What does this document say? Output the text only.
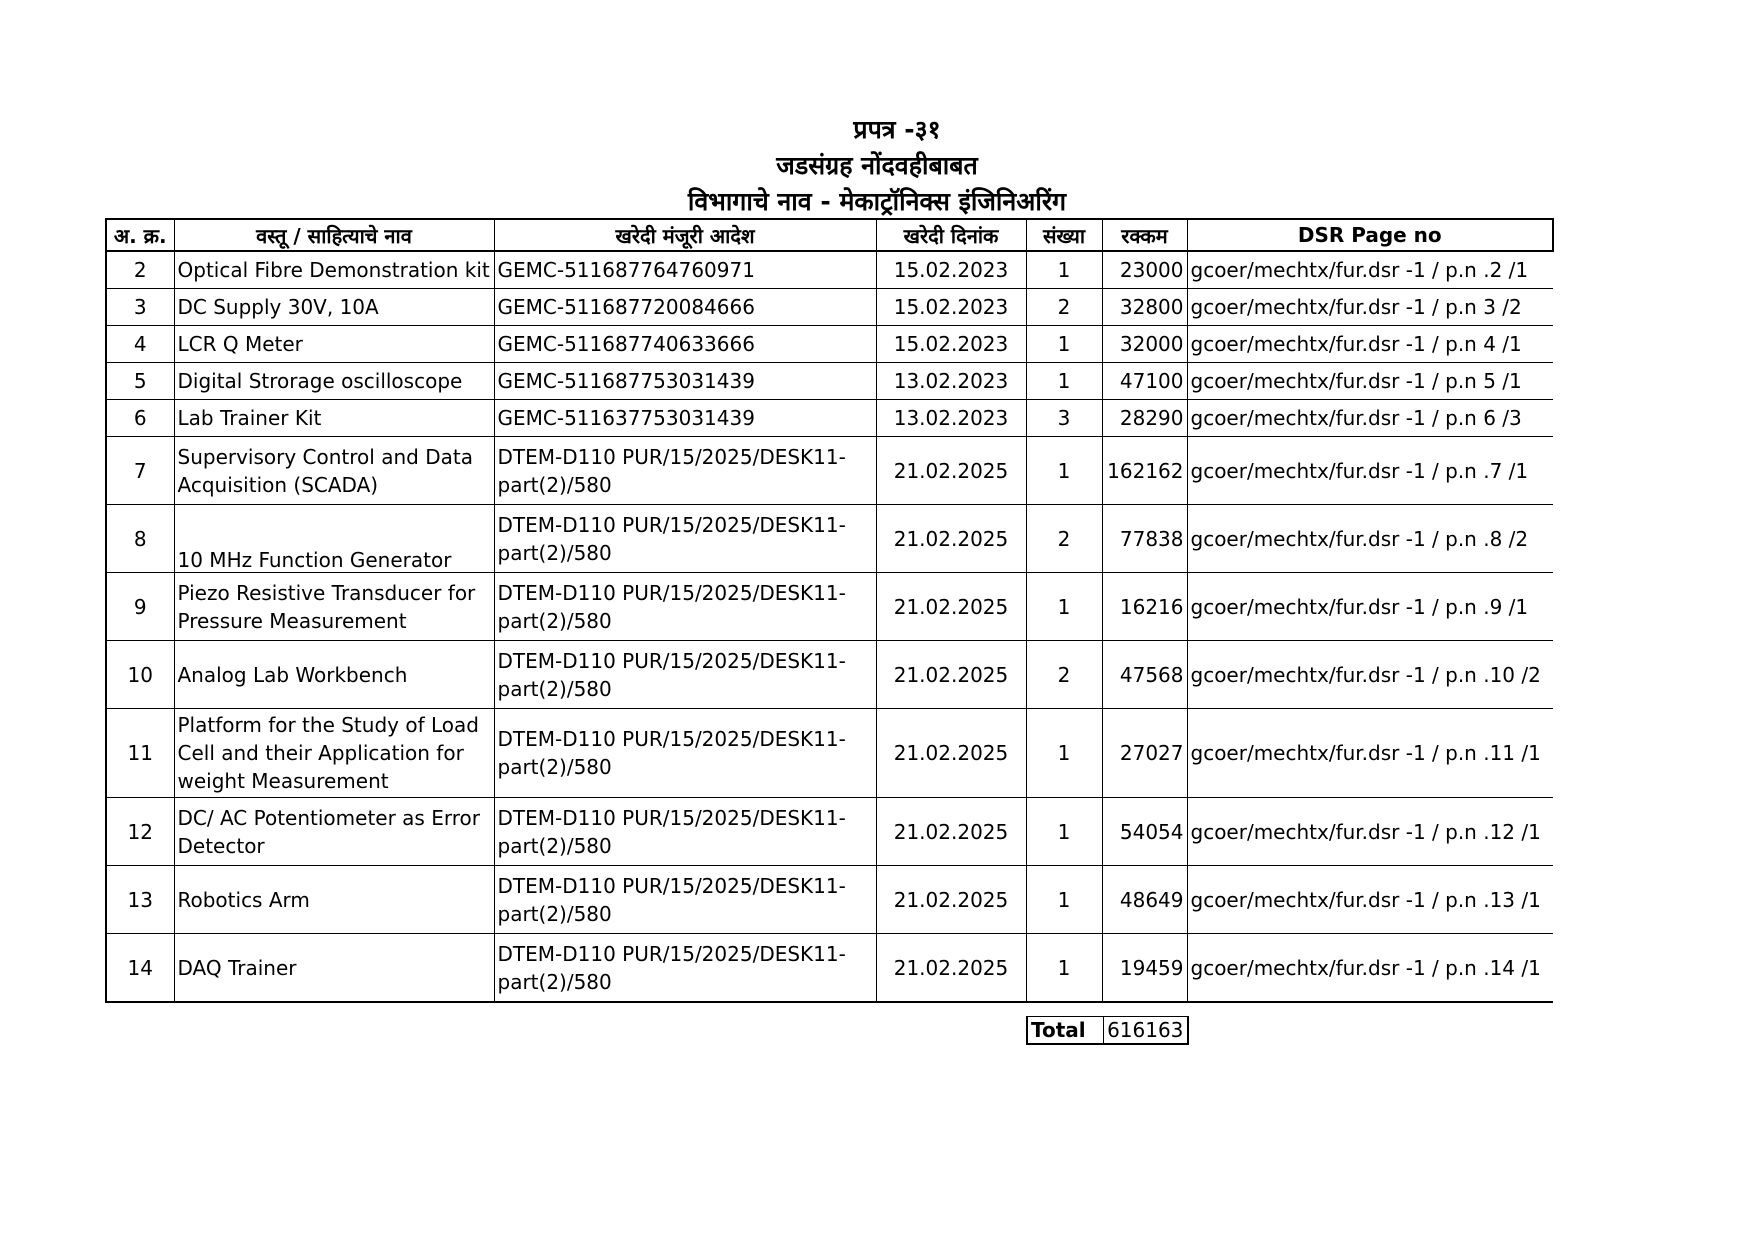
प्रपत्र -३१
जडसंग्रह नोंदवहीबाबत
विभागाचे नाव - मेकाट्रॉनिक्स इंजिनिअरिंग
अ. क्र.	वस्तू / साहित्याचे नाव	खरेदी मंजूरी आदेश	खरेदी दिनांक	संख्या	रक्कम	DSR Page no
2	Optical Fibre Demonstration kit	GEMC-511687764760971	15.02.2023	1	23000	gcoer/mechtx/fur.dsr -1 / p.n .2 /1
3	DC Supply 30V, 10A	GEMC-511687720084666	15.02.2023	2	32800	gcoer/mechtx/fur.dsr -1 / p.n 3 /2
4	LCR Q Meter	GEMC-511687740633666	15.02.2023	1	32000	gcoer/mechtx/fur.dsr -1 / p.n 4 /1
5	Digital Strorage oscilloscope	GEMC-511687753031439	13.02.2023	1	47100	gcoer/mechtx/fur.dsr -1 / p.n 5 /1
6	Lab Trainer Kit	GEMC-511637753031439	13.02.2023	3	28290	gcoer/mechtx/fur.dsr -1 / p.n 6 /3
7	Supervisory Control and Data Acquisition (SCADA)	DTEM-D110 PUR/15/2025/DESK11-part(2)/580	21.02.2025	1	162162	gcoer/mechtx/fur.dsr -1 / p.n .7 /1
8	10 MHz Function Generator	DTEM-D110 PUR/15/2025/DESK11-part(2)/580	21.02.2025	2	77838	gcoer/mechtx/fur.dsr -1 / p.n .8 /2
9	Piezo Resistive Transducer for Pressure Measurement	DTEM-D110 PUR/15/2025/DESK11-part(2)/580	21.02.2025	1	16216	gcoer/mechtx/fur.dsr -1 / p.n .9 /1
10	Analog Lab Workbench	DTEM-D110 PUR/15/2025/DESK11-part(2)/580	21.02.2025	2	47568	gcoer/mechtx/fur.dsr -1 / p.n .10 /2
11	Platform for the Study of Load Cell and their Application for weight Measurement	DTEM-D110 PUR/15/2025/DESK11-part(2)/580	21.02.2025	1	27027	gcoer/mechtx/fur.dsr -1 / p.n .11 /1
12	DC/ AC Potentiometer as Error Detector	DTEM-D110 PUR/15/2025/DESK11-part(2)/580	21.02.2025	1	54054	gcoer/mechtx/fur.dsr -1 / p.n .12 /1
13	Robotics Arm	DTEM-D110 PUR/15/2025/DESK11-part(2)/580	21.02.2025	1	48649	gcoer/mechtx/fur.dsr -1 / p.n .13 /1
14	DAQ Trainer	DTEM-D110 PUR/15/2025/DESK11-part(2)/580	21.02.2025	1	19459	gcoer/mechtx/fur.dsr -1 / p.n .14 /1
Total	616163
